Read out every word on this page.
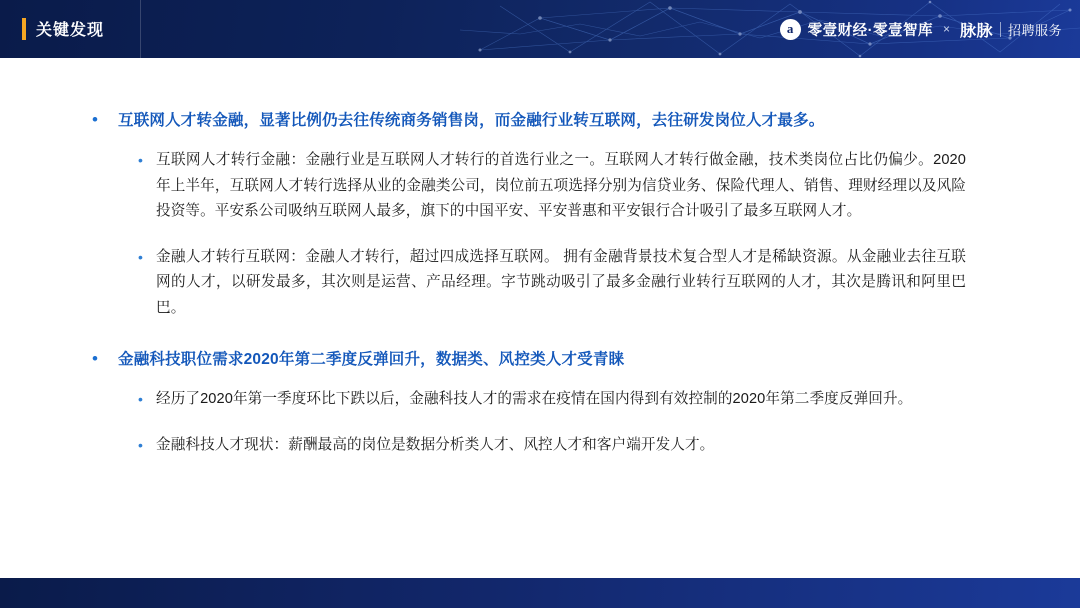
关键发现	a 零壹财经·零壹智库 × 脉脉 招聘服务
•	互联网人才转金融，显著比例仍去往传统商务销售岗，而金融行业转互联网，去往研发岗位人才最多。
• 互联网人才转行金融：金融行业是互联网人才转行的首选行业之一。互联网人才转行做金融，技术类岗位占比仍偏少。2020年上半年，互联网人才转行选择从业的金融类公司，岗位前五项选择分别为信贷业务、保险代理人、销售、理财经理以及风险投资等。平安系公司吸纳互联网人最多，旗下的中国平安、平安普惠和平安银行合计吸引了最多互联网人才。
• 金融人才转行互联网：金融人才转行，超过四成选择互联网。 拥有金融背景技术复合型人才是稀缺资源。从金融业去往互联网的人才，以研发最多，其次则是运营、产品经理。字节跳动吸引了最多金融行业转行互联网的人才，其次是腾讯和阿里巴巴。
•	金融科技职位需求2020年第二季度反弹回升，数据类、风控类人才受青睐
• 经历了2020年第一季度环比下跌以后，金融科技人才的需求在疫情在国内得到有效控制的2020年第二季度反弹回升。
• 金融科技人才现状：薪酬最高的岗位是数据分析类人才、风控人才和客户端开发人才。
